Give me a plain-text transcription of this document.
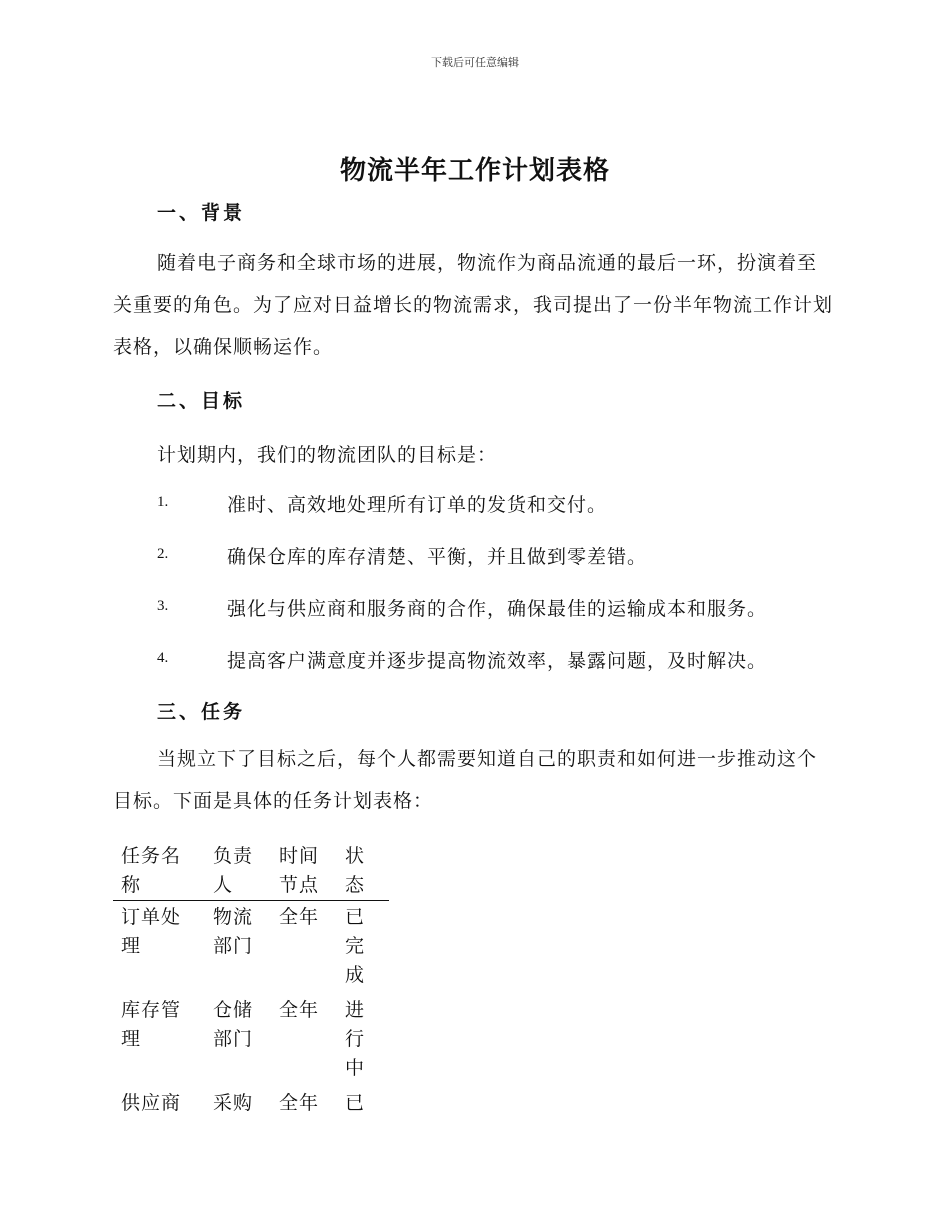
下载后可任意编辑
物流半年工作计划表格
一、背景

随着电子商务和全球市场的进展，物流作为商品流通的最后一环，扮演着至关重要的角色。为了应对日益增长的物流需求，我司提出了一份半年物流工作计划表格，以确保顺畅运作。

二、目标
计划期内，我们的物流团队的目标是：
1.	准时、高效地处理所有订单的发货和交付。
2.	确保仓库的库存清楚、平衡，并且做到零差错。
3.	强化与供应商和服务商的合作，确保最佳的运输成本和服务。
4.	提高客户满意度并逐步提高物流效率，暴露问题，及时解决。
三、任务

当规立下了目标之后，每个人都需要知道自己的职责和如何进一步推动这个目标。下面是具体的任务计划表格：

任务名称	负责人	时间节点	状态
订单处理	物流部门	全年	已完成
库存管理	仓储部门	全年	进行中
供应商	采购	全年	已
